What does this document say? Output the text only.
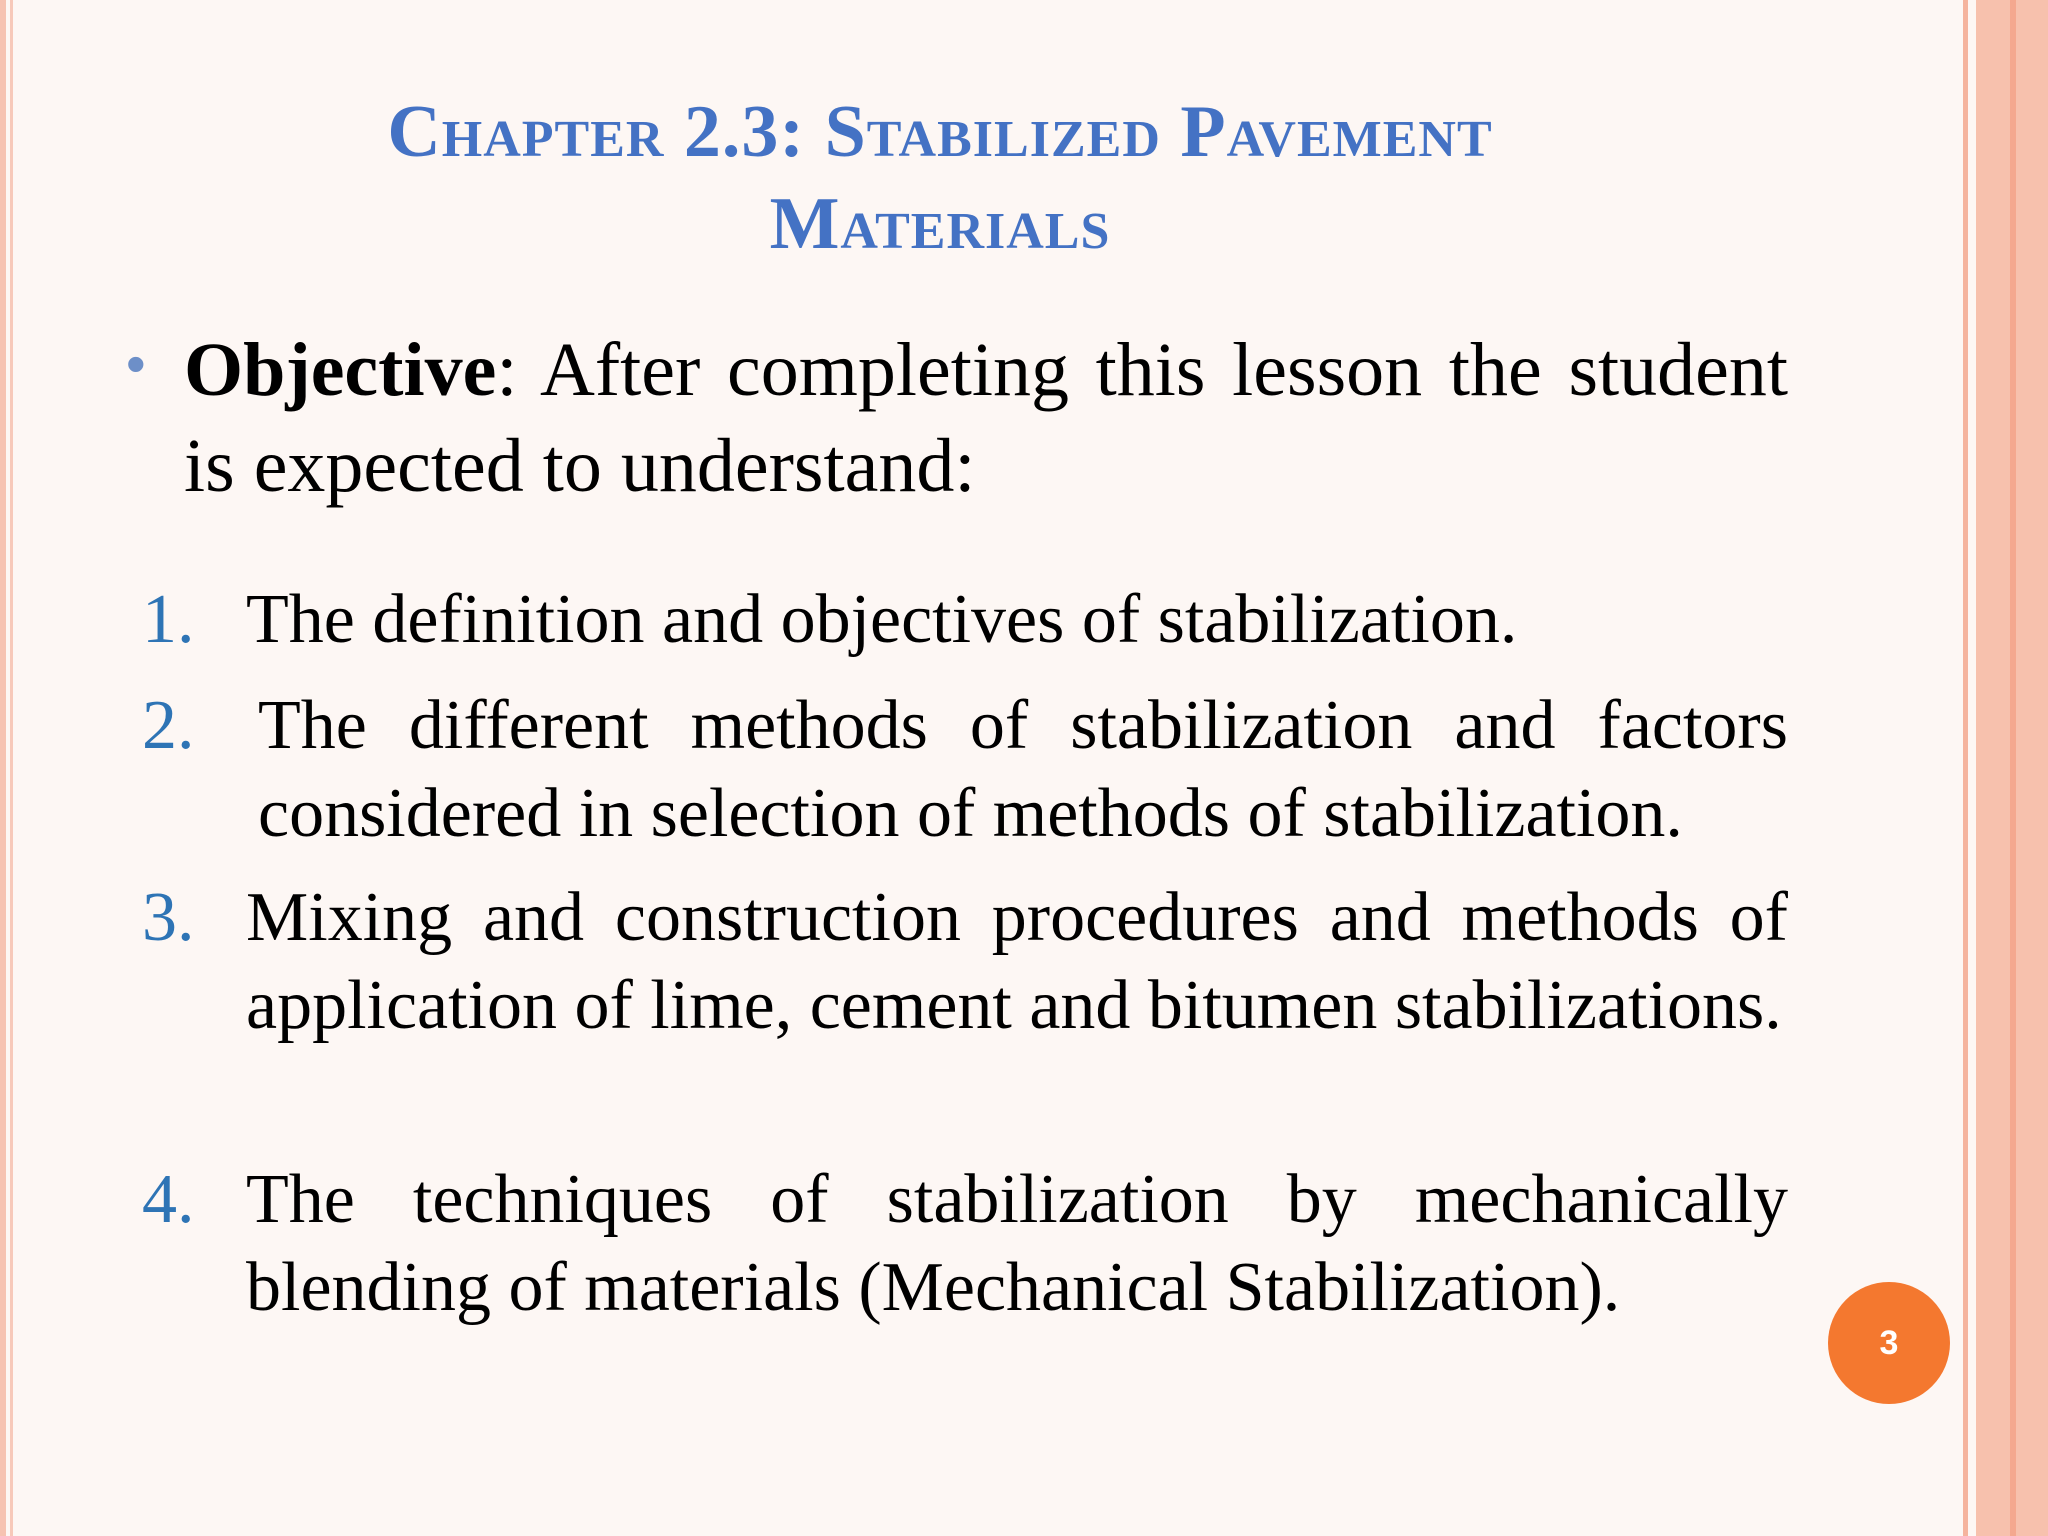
Chapter 2.3: Stabilized Pavement
Materials
• Objective: After completing this lesson the student is expected to understand:
1. The definition and objectives of stabilization.
2. The different methods of stabilization and factors considered in selection of methods of stabilization.
3. Mixing and construction procedures and methods of application of lime, cement and bitumen stabilizations.
4. The techniques of stabilization by mechanically blending of materials (Mechanical Stabilization).
3
